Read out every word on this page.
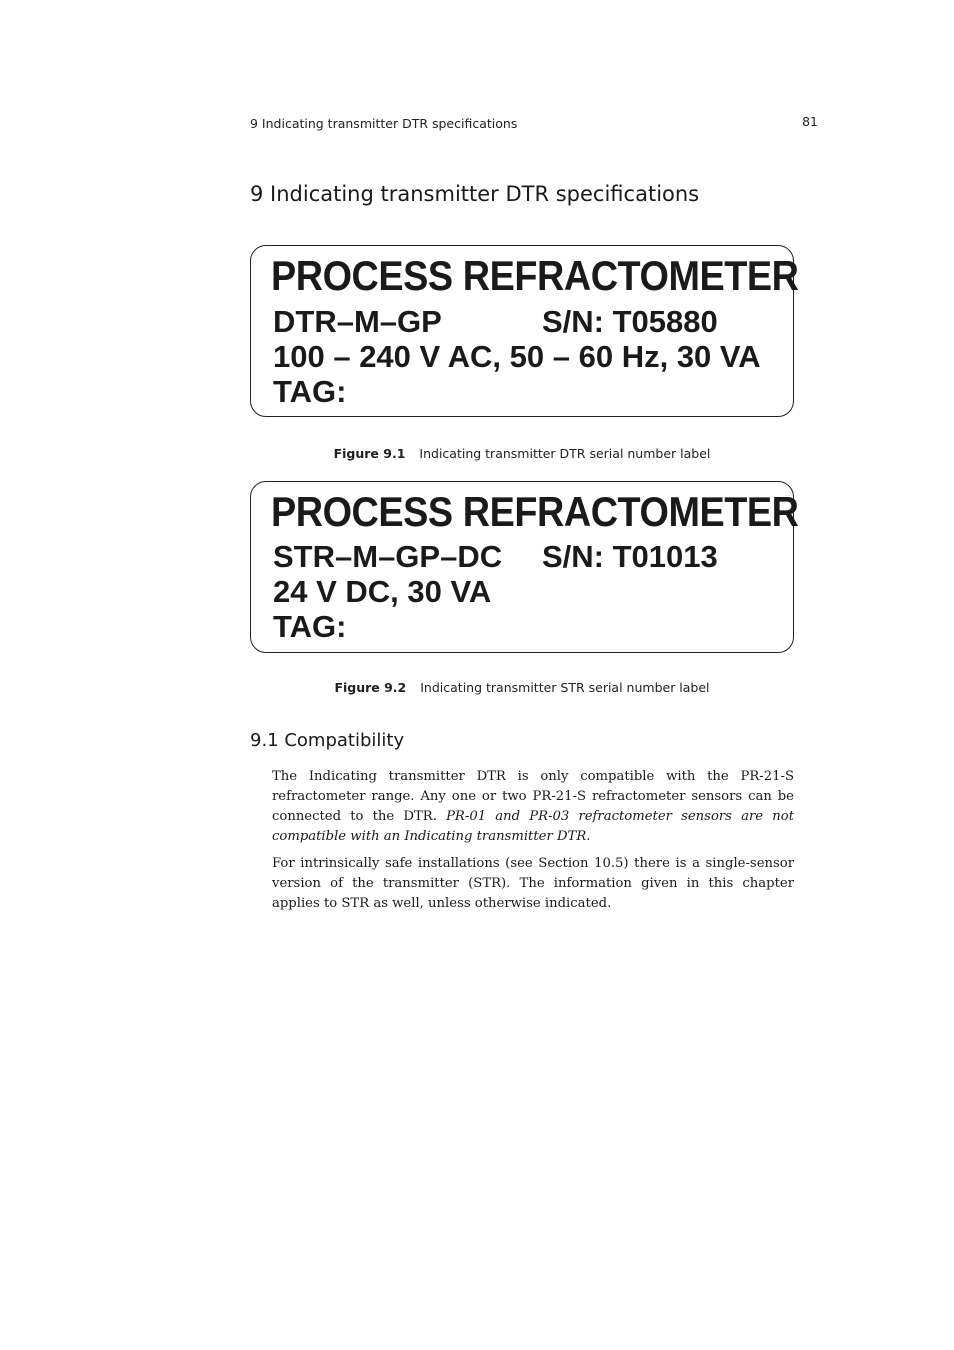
9 Indicating transmitter DTR specifications	81
9 Indicating transmitter DTR specifications
PROCESS REFRACTOMETER
DTR–M–GP	S/N: T05880
100 – 240 V AC, 50 – 60 Hz, 30 VA
TAG:
Figure 9.1 Indicating transmitter DTR serial number label
PROCESS REFRACTOMETER
STR–M–GP–DC S/N: T01013
24 V DC, 30 VA
TAG:
Figure 9.2 Indicating transmitter STR serial number label
9.1 Compatibility

The Indicating transmitter DTR is only compatible with the PR-21-S refractometer range. Any one or two PR-21-S refractometer sensors can be connected to the DTR. PR-01 and PR-03 refractometer sensors are not compatible with an Indicating transmitter DTR.

For intrinsically safe installations (see Section 10.5) there is a single-sensor version of the transmitter (STR). The information given in this chapter applies to STR as well, unless otherwise indicated.
